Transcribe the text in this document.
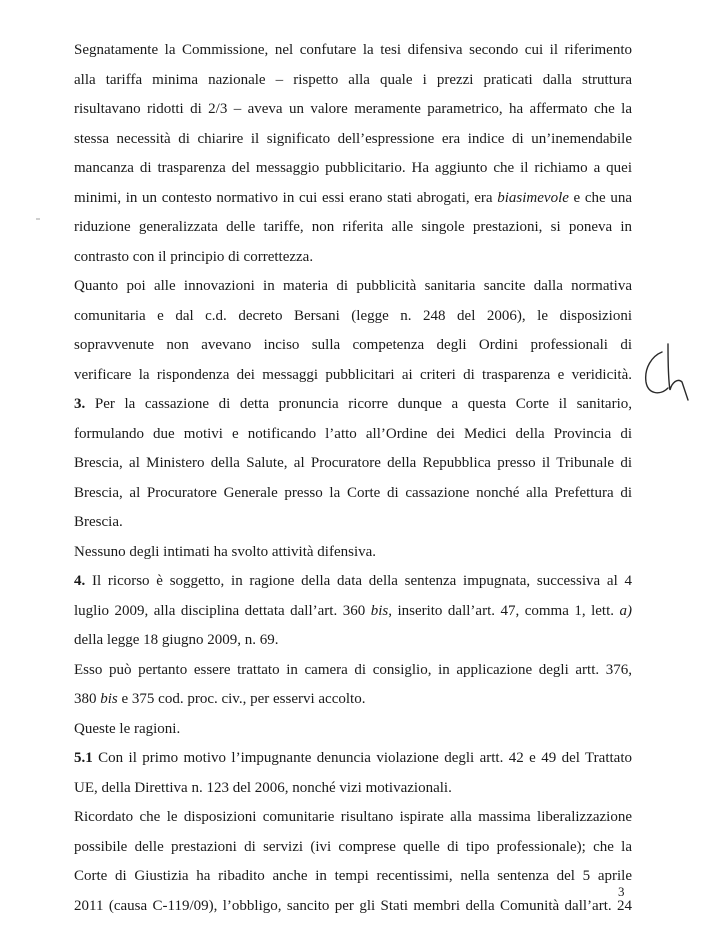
Segnatamente la Commissione, nel confutare la tesi difensiva secondo cui il riferimento
alla tariffa minima nazionale – rispetto alla quale i prezzi praticati dalla struttura
risultavano ridotti di 2/3 – aveva un valore meramente parametrico, ha affermato che la
stessa necessità di chiarire il significato dell’espressione era indice di un’inemendabile
mancanza di trasparenza del messaggio pubblicitario. Ha aggiunto che il richiamo a quei
minimi, in un contesto normativo in cui essi erano stati abrogati, era biasimevole e che una
riduzione generalizzata delle tariffe, non riferita alle singole prestazioni, si poneva in
contrasto con il principio di correttezza.
Quanto poi alle innovazioni in materia di pubblicità sanitaria sancite dalla normativa
comunitaria e dal c.d. decreto Bersani (legge n. 248 del 2006), le disposizioni
sopravvenute non avevano inciso sulla competenza degli Ordini professionali di
verificare la rispondenza dei messaggi pubblicitari ai criteri di trasparenza e veridicità.
3. Per la cassazione di detta pronuncia ricorre dunque a questa Corte il sanitario,
formulando due motivi e notificando l’atto all’Ordine dei Medici della Provincia di
Brescia, al Ministero della Salute, al Procuratore della Repubblica presso il Tribunale di
Brescia, al Procuratore Generale presso la Corte di cassazione nonché alla Prefettura di
Brescia.
Nessuno degli intimati ha svolto attività difensiva.
4. Il ricorso è soggetto, in ragione della data della sentenza impugnata, successiva al 4
luglio 2009, alla disciplina dettata dall’art. 360 bis, inserito dall’art. 47, comma 1, lett. a)
della legge 18 giugno 2009, n. 69.
Esso può pertanto essere trattato in camera di consiglio, in applicazione degli artt. 376,
380 bis e 375 cod. proc. civ., per esservi accolto.
Queste le ragioni.
5.1 Con il primo motivo l’impugnante denuncia violazione degli artt. 42 e 49 del Trattato
UE, della Direttiva n. 123 del 2006, nonché vizi motivazionali.
Ricordato che le disposizioni comunitarie risultano ispirate alla massima liberalizzazione
possibile delle prestazioni di servizi (ivi comprese quelle di tipo professionale); che la
Corte di Giustizia ha ribadito anche in tempi recentissimi, nella sentenza del 5 aprile
2011 (causa C-119/09), l’obbligo, sancito per gli Stati membri della Comunità dall’art. 24
3
